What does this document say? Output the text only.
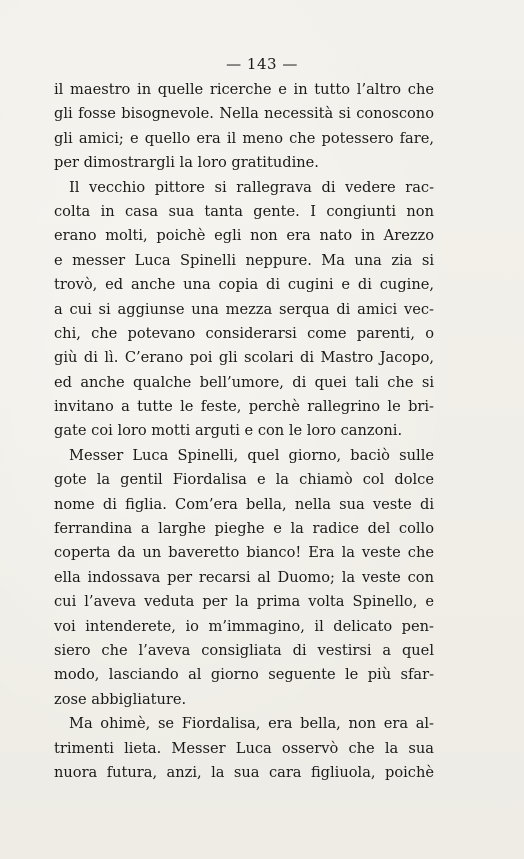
— 143 —
il maestro in quelle ricerche e in tutto l’altro che
gli fosse bisognevole. Nella necessità si conoscono
gli amici; e quello era il meno che potessero fare,
per dimostrargli la loro gratitudine.
Il vecchio pittore si rallegrava di vedere rac-
colta in casa sua tanta gente. I congiunti non
erano molti, poichè egli non era nato in Arezzo
e messer Luca Spinelli neppure. Ma una zia si
trovò, ed anche una copia di cugini e di cugine,
a cui si aggiunse una mezza serqua di amici vec-
chi, che potevano considerarsi come parenti, o
giù di lì. C’erano poi gli scolari di Mastro Jacopo,
ed anche qualche bell’umore, di quei tali che si
invitano a tutte le feste, perchè rallegrino le bri-
gate coi loro motti arguti e con le loro canzoni.
Messer Luca Spinelli, quel giorno, baciò sulle
gote la gentil Fiordalisa e la chiamò col dolce
nome di figlia. Com’era bella, nella sua veste di
ferrandina a larghe pieghe e la radice del collo
coperta da un baveretto bianco! Era la veste che
ella indossava per recarsi al Duomo; la veste con
cui l’aveva veduta per la prima volta Spinello, e
voi intenderete, io m’immagino, il delicato pen-
siero che l’aveva consigliata di vestirsi a quel
modo, lasciando al giorno seguente le più sfar-
zose abbigliature.
Ma ohimè, se Fiordalisa, era bella, non era al-
trimenti lieta. Messer Luca osservò che la sua
nuora futura, anzi, la sua cara figliuola, poichè
